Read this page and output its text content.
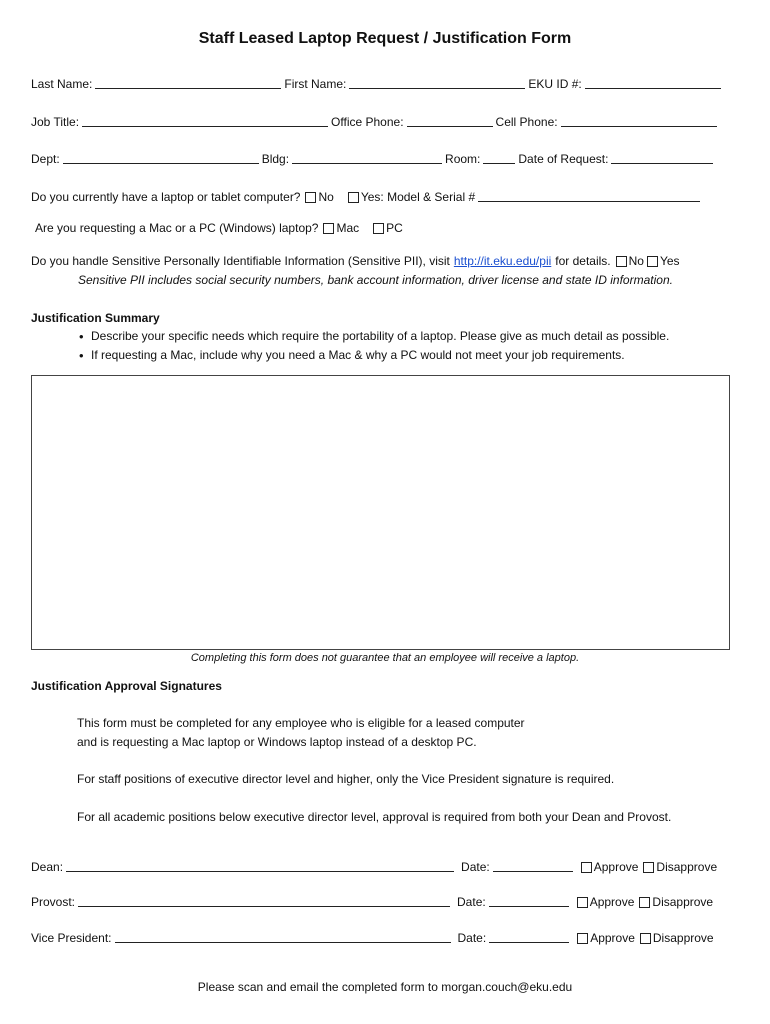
Staff Leased Laptop Request / Justification Form
Last Name:	First Name:	EKU ID #:
Job Title:	Office Phone:	Cell Phone:
Dept:	Bldg:	Room:	Date of Request:
Do you currently have a laptop or tablet computer? No Yes: Model & Serial #
Are you requesting a Mac or a PC (Windows) laptop? Mac PC
Do you handle Sensitive Personally Identifiable Information (Sensitive PII), visit http://it.eku.edu/pii for details. No Yes
Sensitive PII includes social security numbers, bank account information, driver license and state ID information.
Justification Summary
• Describe your specific needs which require the portability of a laptop. Please give as much detail as possible.
• If requesting a Mac, include why you need a Mac & why a PC would not meet your job requirements.
Completing this form does not guarantee that an employee will receive a laptop.
Justification Approval Signatures
This form must be completed for any employee who is eligible for a leased computer
and is requesting a Mac laptop or Windows laptop instead of a desktop PC.
For staff positions of executive director level and higher, only the Vice President signature is required.
For all academic positions below executive director level, approval is required from both your Dean and Provost.
Dean:	Date:	Approve Disapprove
Provost:	Date:	Approve Disapprove
Vice President:	Date:	Approve Disapprove
Please scan and email the completed form to morgan.couch@eku.edu
